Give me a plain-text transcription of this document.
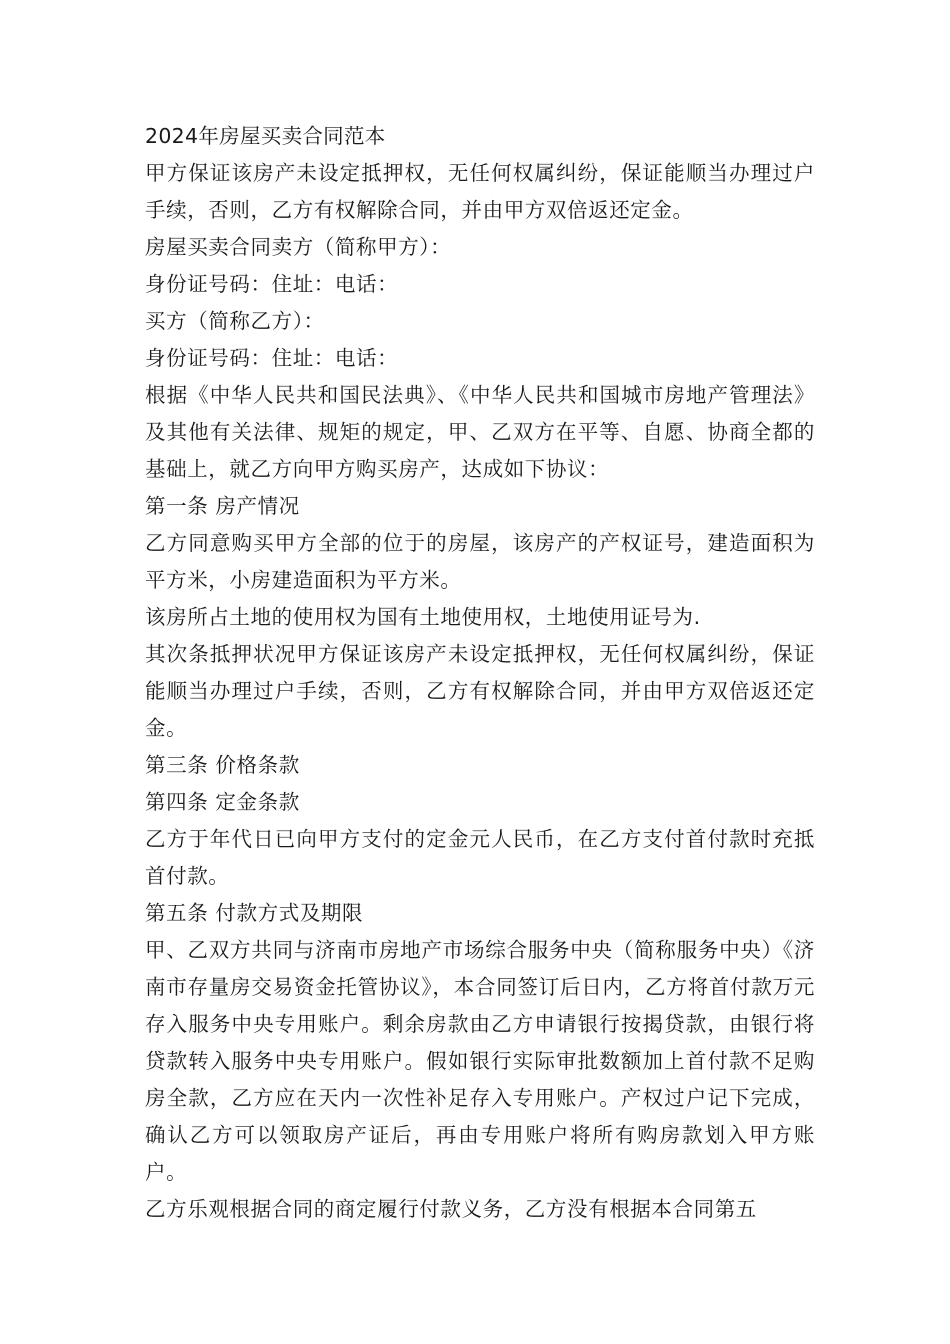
2024年房屋买卖合同范本

甲方保证该房产未设定抵押权，无任何权属纠纷，保证能顺当办理过户手续，否则，乙方有权解除合同，并由甲方双倍返还定金。

房屋买卖合同卖方（简称甲方）：

身份证号码：住址：电话：

买方（简称乙方）：

身份证号码：住址：电话：

根据《中华人民共和国民法典》、《中华人民共和国城市房地产管理法》及其他有关法律、规矩的规定，甲、乙双方在平等、自愿、协商全都的基础上，就乙方向甲方购买房产，达成如下协议：

第一条 房产情况

乙方同意购买甲方全部的位于的房屋，该房产的产权证号，建造面积为平方米，小房建造面积为平方米。

该房所占土地的使用权为国有土地使用权，土地使用证号为.

其次条抵押状况甲方保证该房产未设定抵押权，无任何权属纠纷，保证能顺当办理过户手续，否则，乙方有权解除合同，并由甲方双倍返还定金。

第三条 价格条款

第四条 定金条款

乙方于年代日已向甲方支付的定金元人民币，在乙方支付首付款时充抵首付款。

第五条 付款方式及期限

甲、乙双方共同与济南市房地产市场综合服务中央（简称服务中央）《济南市存量房交易资金托管协议》，本合同签订后日内，乙方将首付款万元存入服务中央专用账户。剩余房款由乙方申请银行按揭贷款，由银行将贷款转入服务中央专用账户。假如银行实际审批数额加上首付款不足购房全款，乙方应在天内一次性补足存入专用账户。产权过户记下完成，确认乙方可以领取房产证后，再由专用账户将所有购房款划入甲方账户。

乙方乐观根据合同的商定履行付款义务，乙方没有根据本合同第五
